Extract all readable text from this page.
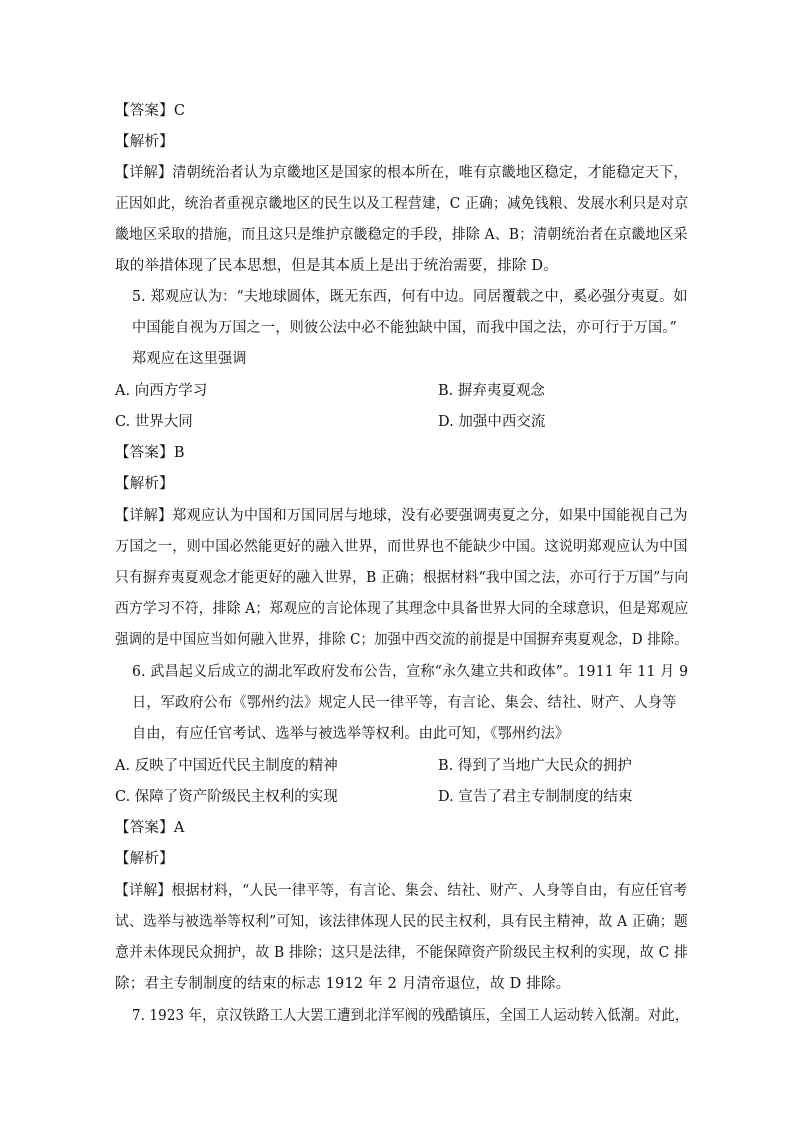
【答案】C
【解析】
【详解】清朝统治者认为京畿地区是国家的根本所在，唯有京畿地区稳定，才能稳定天下，
正因如此，统治者重视京畿地区的民生以及工程营建，C 正确；减免钱粮、发展水利只是对京
畿地区采取的措施，而且这只是维护京畿稳定的手段，排除 A、B；清朝统治者在京畿地区采
取的举措体现了民本思想，但是其本质上是出于统治需要，排除 D。
5. 郑观应认为：“夫地球圆体，既无东西，何有中边。同居覆载之中，奚必强分夷夏。如
中国能自视为万国之一，则彼公法中必不能独缺中国，而我中国之法，亦可行于万国。”
郑观应在这里强调
A. 向西方学习	B. 摒弃夷夏观念
C. 世界大同	D. 加强中西交流
【答案】B
【解析】
【详解】郑观应认为中国和万国同居与地球，没有必要强调夷夏之分，如果中国能视自己为
万国之一，则中国必然能更好的融入世界，而世界也不能缺少中国。这说明郑观应认为中国
只有摒弃夷夏观念才能更好的融入世界，B 正确；根据材料“我中国之法，亦可行于万国”与向
西方学习不符，排除 A；郑观应的言论体现了其理念中具备世界大同的全球意识，但是郑观应
强调的是中国应当如何融入世界，排除 C；加强中西交流的前提是中国摒弃夷夏观念，D 排除。
6. 武昌起义后成立的湖北军政府发布公告，宣称“永久建立共和政体”。1911 年 11 月 9
日，军政府公布《鄂州约法》规定人民一律平等，有言论、集会、结社、财产、人身等
自由，有应任官考试、选举与被选举等权利。由此可知，《鄂州约法》
A. 反映了中国近代民主制度的精神	B. 得到了当地广大民众的拥护
C. 保障了资产阶级民主权利的实现	D. 宣告了君主专制制度的结束
【答案】A
【解析】
【详解】根据材料，“人民一律平等，有言论、集会、结社、财产、人身等自由，有应任官考
试、选举与被选举等权利”可知，该法律体现人民的民主权利，具有民主精神，故 A 正确；题
意并未体现民众拥护，故 B 排除；这只是法律，不能保障资产阶级民主权利的实现，故 C 排
除；君主专制制度的结束的标志 1912 年 2 月清帝退位，故 D 排除。
7. 1923 年，京汉铁路工人大罢工遭到北洋军阀的残酷镇压，全国工人运动转入低潮。对此，
